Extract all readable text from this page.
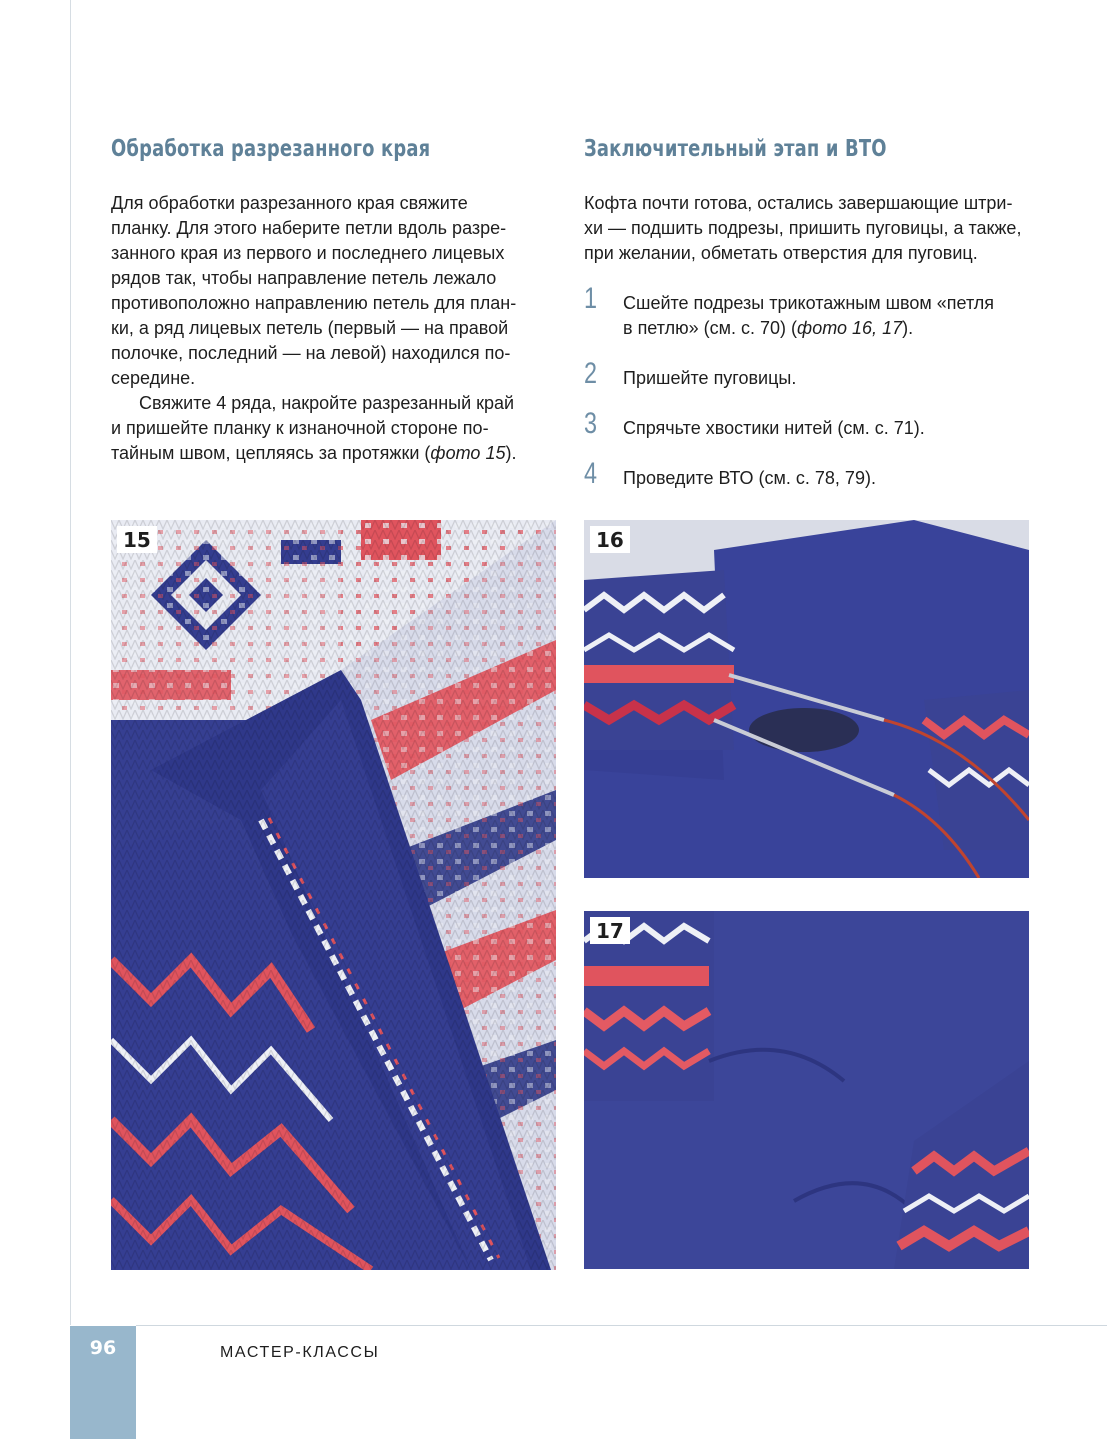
Обработка разрезанного края

Для обработки разрезанного края свяжите
планку. Для этого наберите петли вдоль разре-
занного края из первого и последнего лицевых
рядов так, чтобы направление петель лежало
противоположно направлению петель для план-
ки, а ряд лицевых петель (первый — на правой
полочке, последний — на левой) находился по-
середине.

Свяжите 4 ряда, накройте разрезанный край
и пришейте планку к изнаночной стороне по-
тайным швом, цепляясь за протяжки (фото 15).

Заключительный этап и ВТО

Кофта почти готова, остались завершающие штри-
хи — подшить подрезы, пришить пуговицы, а также,
при желании, обметать отверстия для пуговиц.

1 Сшейте подрезы трикотажным швом «петля
в петлю» (см. с. 70) (фото 16, 17).
2 Пришейте пуговицы.
3 Спрячьте хвостики нитей (см. с. 71).
4 Проведите ВТО (см. с. 78, 79).
15	16
17
96	МАСТЕР-КЛАССЫ
